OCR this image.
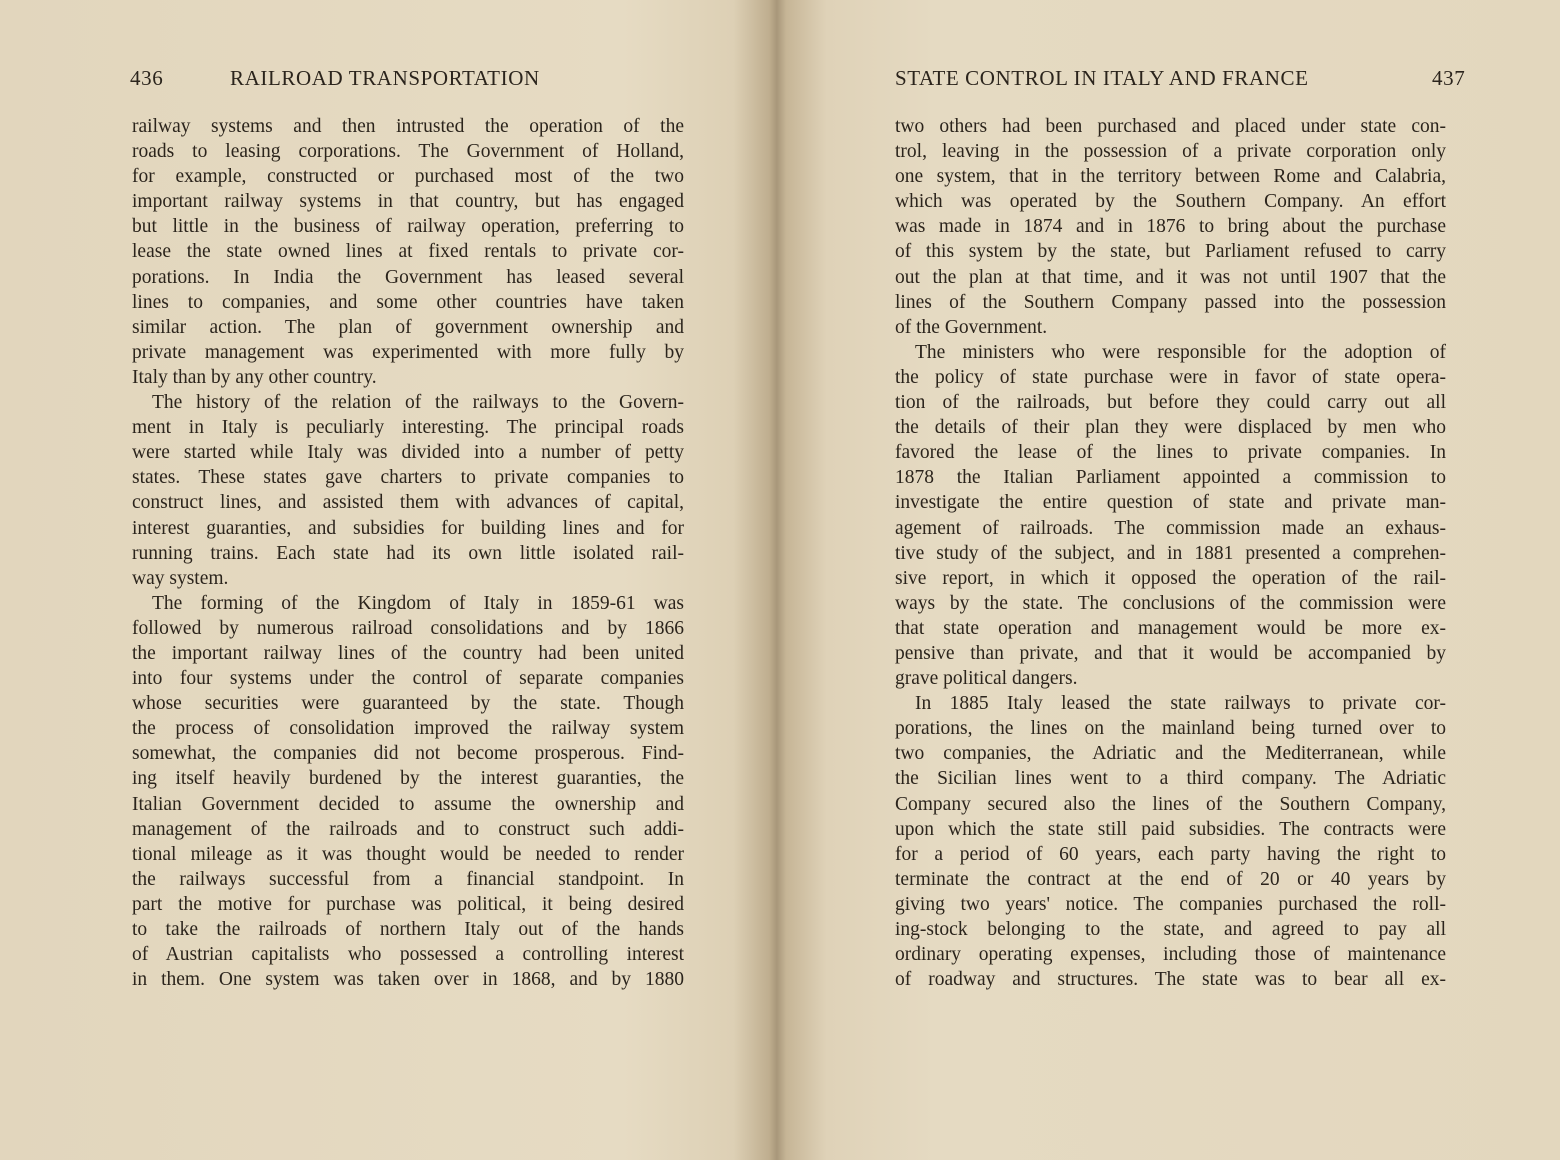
436	RAILROAD TRANSPORTATION
railway systems and then intrusted the operation of the
roads to leasing corporations. The Government of Holland,
for example, constructed or purchased most of the two
important railway systems in that country, but has engaged
but little in the business of railway operation, preferring to
lease the state owned lines at fixed rentals to private cor-
porations. In India the Government has leased several
lines to companies, and some other countries have taken
similar action. The plan of government ownership and
private management was experimented with more fully by
Italy than by any other country.
The history of the relation of the railways to the Govern-
ment in Italy is peculiarly interesting. The principal roads
were started while Italy was divided into a number of petty
states. These states gave charters to private companies to
construct lines, and assisted them with advances of capital,
interest guaranties, and subsidies for building lines and for
running trains. Each state had its own little isolated rail-
way system.
The forming of the Kingdom of Italy in 1859-61 was
followed by numerous railroad consolidations and by 1866
the important railway lines of the country had been united
into four systems under the control of separate companies
whose securities were guaranteed by the state. Though
the process of consolidation improved the railway system
somewhat, the companies did not become prosperous. Find-
ing itself heavily burdened by the interest guaranties, the
Italian Government decided to assume the ownership and
management of the railroads and to construct such addi-
tional mileage as it was thought would be needed to render
the railways successful from a financial standpoint. In
part the motive for purchase was political, it being desired
to take the railroads of northern Italy out of the hands
of Austrian capitalists who possessed a controlling interest
in them. One system was taken over in 1868, and by 1880
STATE CONTROL IN ITALY AND FRANCE	437
two others had been purchased and placed under state con-
trol, leaving in the possession of a private corporation only
one system, that in the territory between Rome and Calabria,
which was operated by the Southern Company. An effort
was made in 1874 and in 1876 to bring about the purchase
of this system by the state, but Parliament refused to carry
out the plan at that time, and it was not until 1907 that the
lines of the Southern Company passed into the possession
of the Government.
The ministers who were responsible for the adoption of
the policy of state purchase were in favor of state opera-
tion of the railroads, but before they could carry out all
the details of their plan they were displaced by men who
favored the lease of the lines to private companies. In
1878 the Italian Parliament appointed a commission to
investigate the entire question of state and private man-
agement of railroads. The commission made an exhaus-
tive study of the subject, and in 1881 presented a comprehen-
sive report, in which it opposed the operation of the rail-
ways by the state. The conclusions of the commission were
that state operation and management would be more ex-
pensive than private, and that it would be accompanied by
grave political dangers.
In 1885 Italy leased the state railways to private cor-
porations, the lines on the mainland being turned over to
two companies, the Adriatic and the Mediterranean, while
the Sicilian lines went to a third company. The Adriatic
Company secured also the lines of the Southern Company,
upon which the state still paid subsidies. The contracts were
for a period of 60 years, each party having the right to
terminate the contract at the end of 20 or 40 years by
giving two years' notice. The companies purchased the roll-
ing-stock belonging to the state, and agreed to pay all
ordinary operating expenses, including those of maintenance
of roadway and structures. The state was to bear all ex-
